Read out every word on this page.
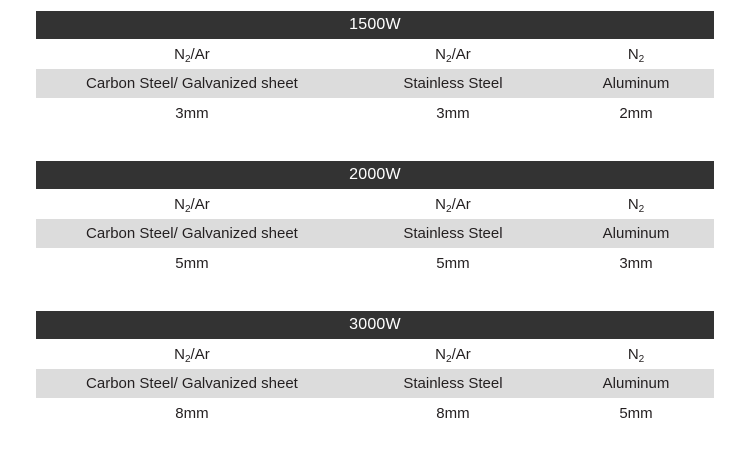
1500W
$N_2/Ar$	$N_2/Ar$	$N_2$
Carbon Steel/ Galvanized sheet	Stainless Steel	Aluminum
3mm	3mm	2mm
2000W
$N_2/Ar$	$N_2/Ar$	$N_2$
Carbon Steel/ Galvanized sheet	Stainless Steel	Aluminum
5mm	5mm	3mm
3000W
$N_2/Ar$	$N_2/Ar$	$N_2$
Carbon Steel/ Galvanized sheet	Stainless Steel	Aluminum
8mm	8mm	5mm
